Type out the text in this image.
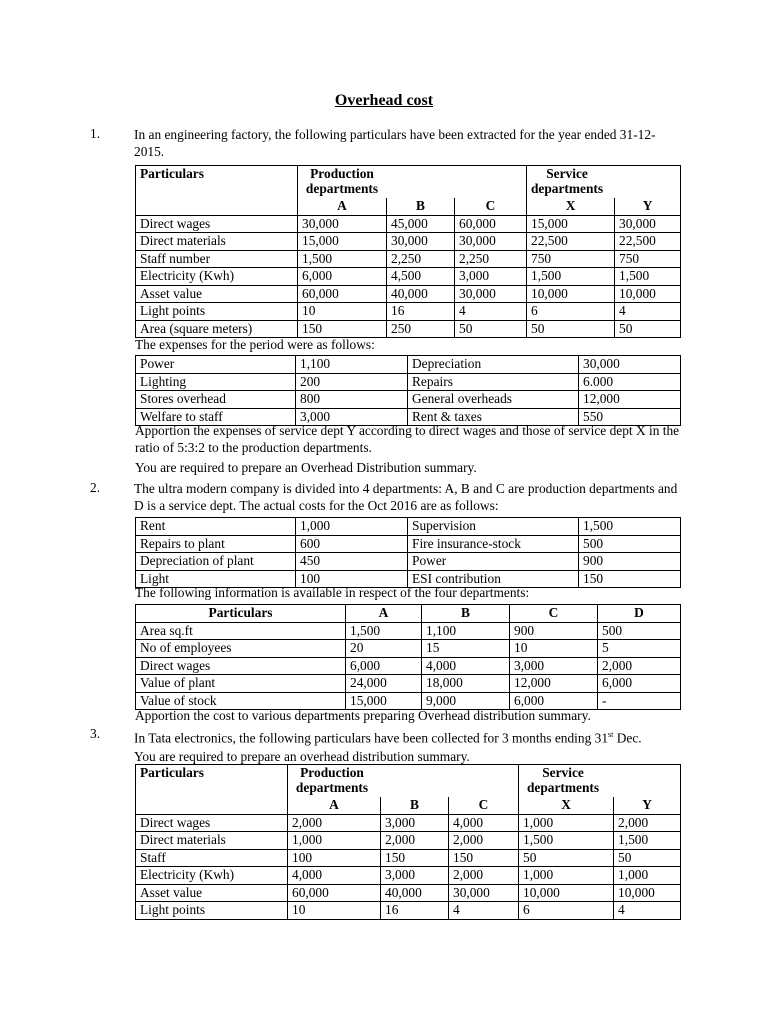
Overhead cost
1.	In an engineering factory, the following particulars have been extracted for the year ended 31-12-2015.

Particulars	Production departments			Service departments	

	A	B	C	X	Y
Direct wages	30,000	45,000	60,000	15,000	30,000
Direct materials	15,000	30,000	30,000	22,500	22,500
Staff number	1,500	2,250	2,250	750	750
Electricity (Kwh)	6,000	4,500	3,000	1,500	1,500
Asset value	60,000	40,000	30,000	10,000	10,000
Light points	10	16	4	6	4
Area (square meters)	150	250	50	50	50

The expenses for the period were as follows:

Power	1,100	Depreciation	30,000
Lighting	200	Repairs	6.000
Stores overhead	800	General overheads	12,000
Welfare to staff	3,000	Rent & taxes	550

Apportion the expenses of service dept Y according to direct wages and those of service dept X in the ratio of 5:3:2 to the production departments.

You are required to prepare an Overhead Distribution summary.

2.	The ultra modern company is divided into 4 departments: A, B and C are production departments and D is a service dept. The actual costs for the Oct 2016 are as follows:

Rent	1,000	Supervision	1,500
Repairs to plant	600	Fire insurance-stock	500
Depreciation of plant	450	Power	900
Light	100	ESI contribution	150

The following information is available in respect of the four departments:

Particulars	A	B	C	D
Area sq.ft	1,500	1,100	900	500
No of employees	20	15	10	5
Direct wages	6,000	4,000	3,000	2,000
Value of plant	24,000	18,000	12,000	6,000
Value of stock	15,000	9,000	6,000	-

Apportion the cost to various departments preparing Overhead distribution summary.

3.	In Tata electronics, the following particulars have been collected for 3 months ending 31st Dec.

You are required to prepare an overhead distribution summary.

Particulars	Production departments			Service departments	

	A	B	C	X	Y
Direct wages	2,000	3,000	4,000	1,000	2,000
Direct materials	1,000	2,000	2,000	1,500	1,500
Staff	100	150	150	50	50
Electricity (Kwh)	4,000	3,000	2,000	1,000	1,000
Asset value	60,000	40,000	30,000	10,000	10,000
Light points	10	16	4	6	4
